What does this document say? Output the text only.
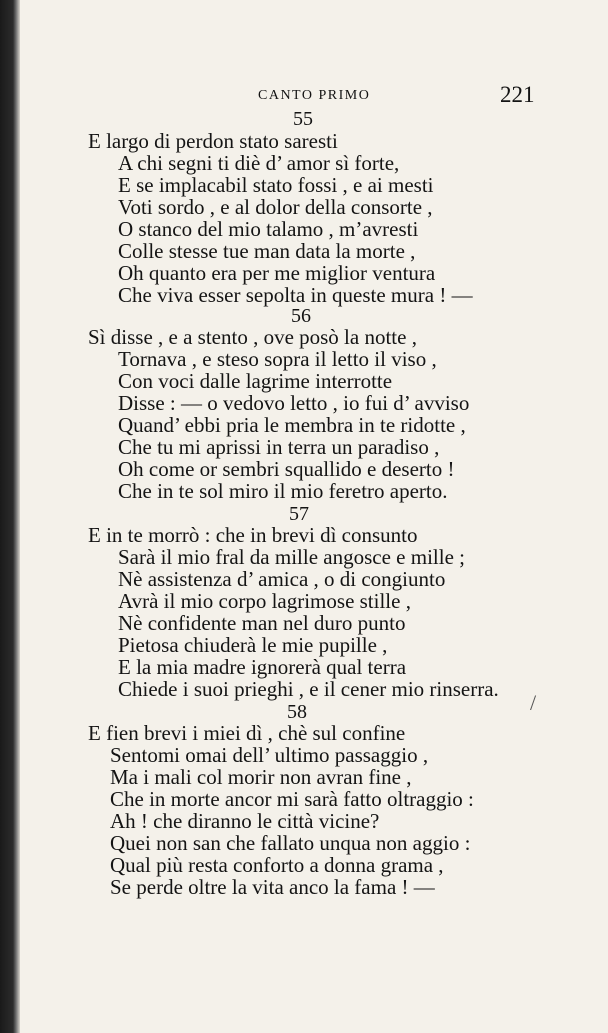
CANTO PRIMO	221
55
E largo di perdon stato saresti
A chi segni ti diè d’ amor sì forte,
E se implacabil stato fossi , e ai mesti
Voti sordo , e al dolor della consorte ,
O stanco del mio talamo , m’avresti
Colle stesse tue man data la morte ,
Oh quanto era per me miglior ventura
Che viva esser sepolta in queste mura ! —
56
Sì disse , e a stento , ove posò la notte ,
Tornava , e steso sopra il letto il viso ,
Con voci dalle lagrime interrotte
Disse : — o vedovo letto , io fui d’ avviso
Quand’ ebbi pria le membra in te ridotte ,
Che tu mi aprissi in terra un paradiso ,
Oh come or sembri squallido e deserto !
Che in te sol miro il mio feretro aperto.
57
E in te morrò : che in brevi dì consunto
Sarà il mio fral da mille angosce e mille ;
Nè assistenza d’ amica , o di congiunto
Avrà il mio corpo lagrimose stille ,
Nè confidente man nel duro punto
Pietosa chiuderà le mie pupille ,
E la mia madre ignorerà qual terra
Chiede i suoi prieghi , e il cener mio rinserra.
/
58
E fien brevi i miei dì , chè sul confine
Sentomi omai dell’ ultimo passaggio ,
Ma i mali col morir non avran fine ,
Che in morte ancor mi sarà fatto oltraggio :
Ah ! che diranno le città vicine?
Quei non san che fallato unqua non aggio :
Qual più resta conforto a donna grama ,
Se perde oltre la vita anco la fama ! —
